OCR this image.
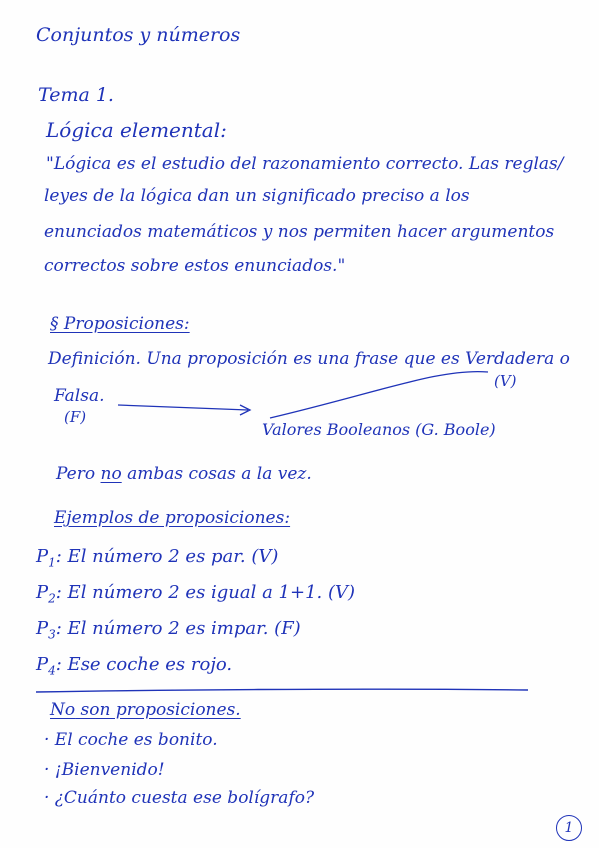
Conjuntos y números
Tema 1.
Lógica elemental:
"Lógica es el estudio del razonamiento correcto. Las reglas/
leyes de la lógica dan un significado preciso a los
enunciados matemáticos y nos permiten hacer argumentos
correctos sobre estos enunciados."
§ Proposiciones:
Definición. Una proposición es una frase que es Verdadera o
(V)
Falsa.
(F)
Valores Booleanos (G. Boole)
Pero no ambas cosas a la vez.
Ejemplos de proposiciones:
$P_1$: El número 2 es par. (V)
$P_2$: El número 2 es igual a 1+1. (V)
$P_3$: El número 2 es impar. (F)
$P_4$: Ese coche es rojo.
No son proposiciones.
· El coche es bonito.
· ¡Bienvenido!
· ¿Cuánto cuesta ese bolígrafo?
1
